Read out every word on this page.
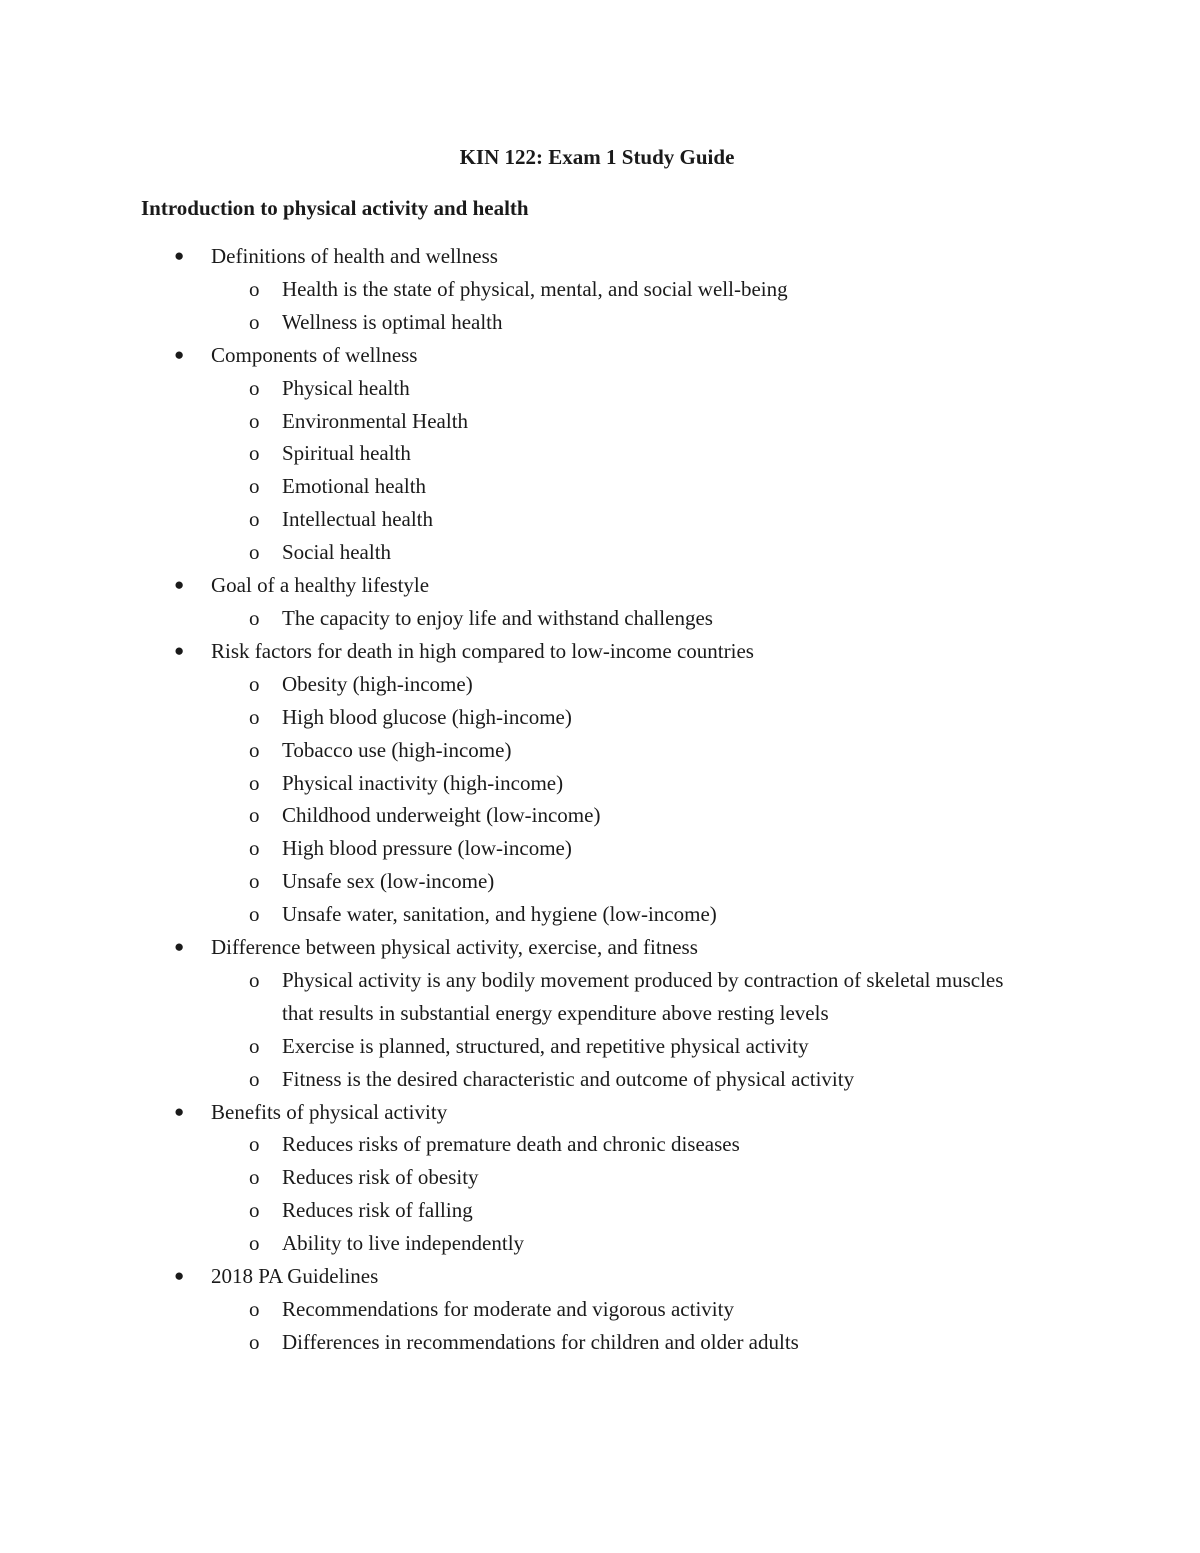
KIN 122: Exam 1 Study Guide
Introduction to physical activity and health
● Definitions of health and wellness
o Health is the state of physical, mental, and social well-being
o Wellness is optimal health
● Components of wellness
o Physical health
o Environmental Health
o Spiritual health
o Emotional health
o Intellectual health
o Social health
● Goal of a healthy lifestyle
o The capacity to enjoy life and withstand challenges
● Risk factors for death in high compared to low-income countries
o Obesity (high-income)
o High blood glucose (high-income)
o Tobacco use (high-income)
o Physical inactivity (high-income)
o Childhood underweight (low-income)
o High blood pressure (low-income)
o Unsafe sex (low-income)
o Unsafe water, sanitation, and hygiene (low-income)
● Difference between physical activity, exercise, and fitness
o Physical activity is any bodily movement produced by contraction of skeletal muscles that results in substantial energy expenditure above resting levels
o Exercise is planned, structured, and repetitive physical activity
o Fitness is the desired characteristic and outcome of physical activity
● Benefits of physical activity
o Reduces risks of premature death and chronic diseases
o Reduces risk of obesity
o Reduces risk of falling
o Ability to live independently
● 2018 PA Guidelines
o Recommendations for moderate and vigorous activity
o Differences in recommendations for children and older adults
